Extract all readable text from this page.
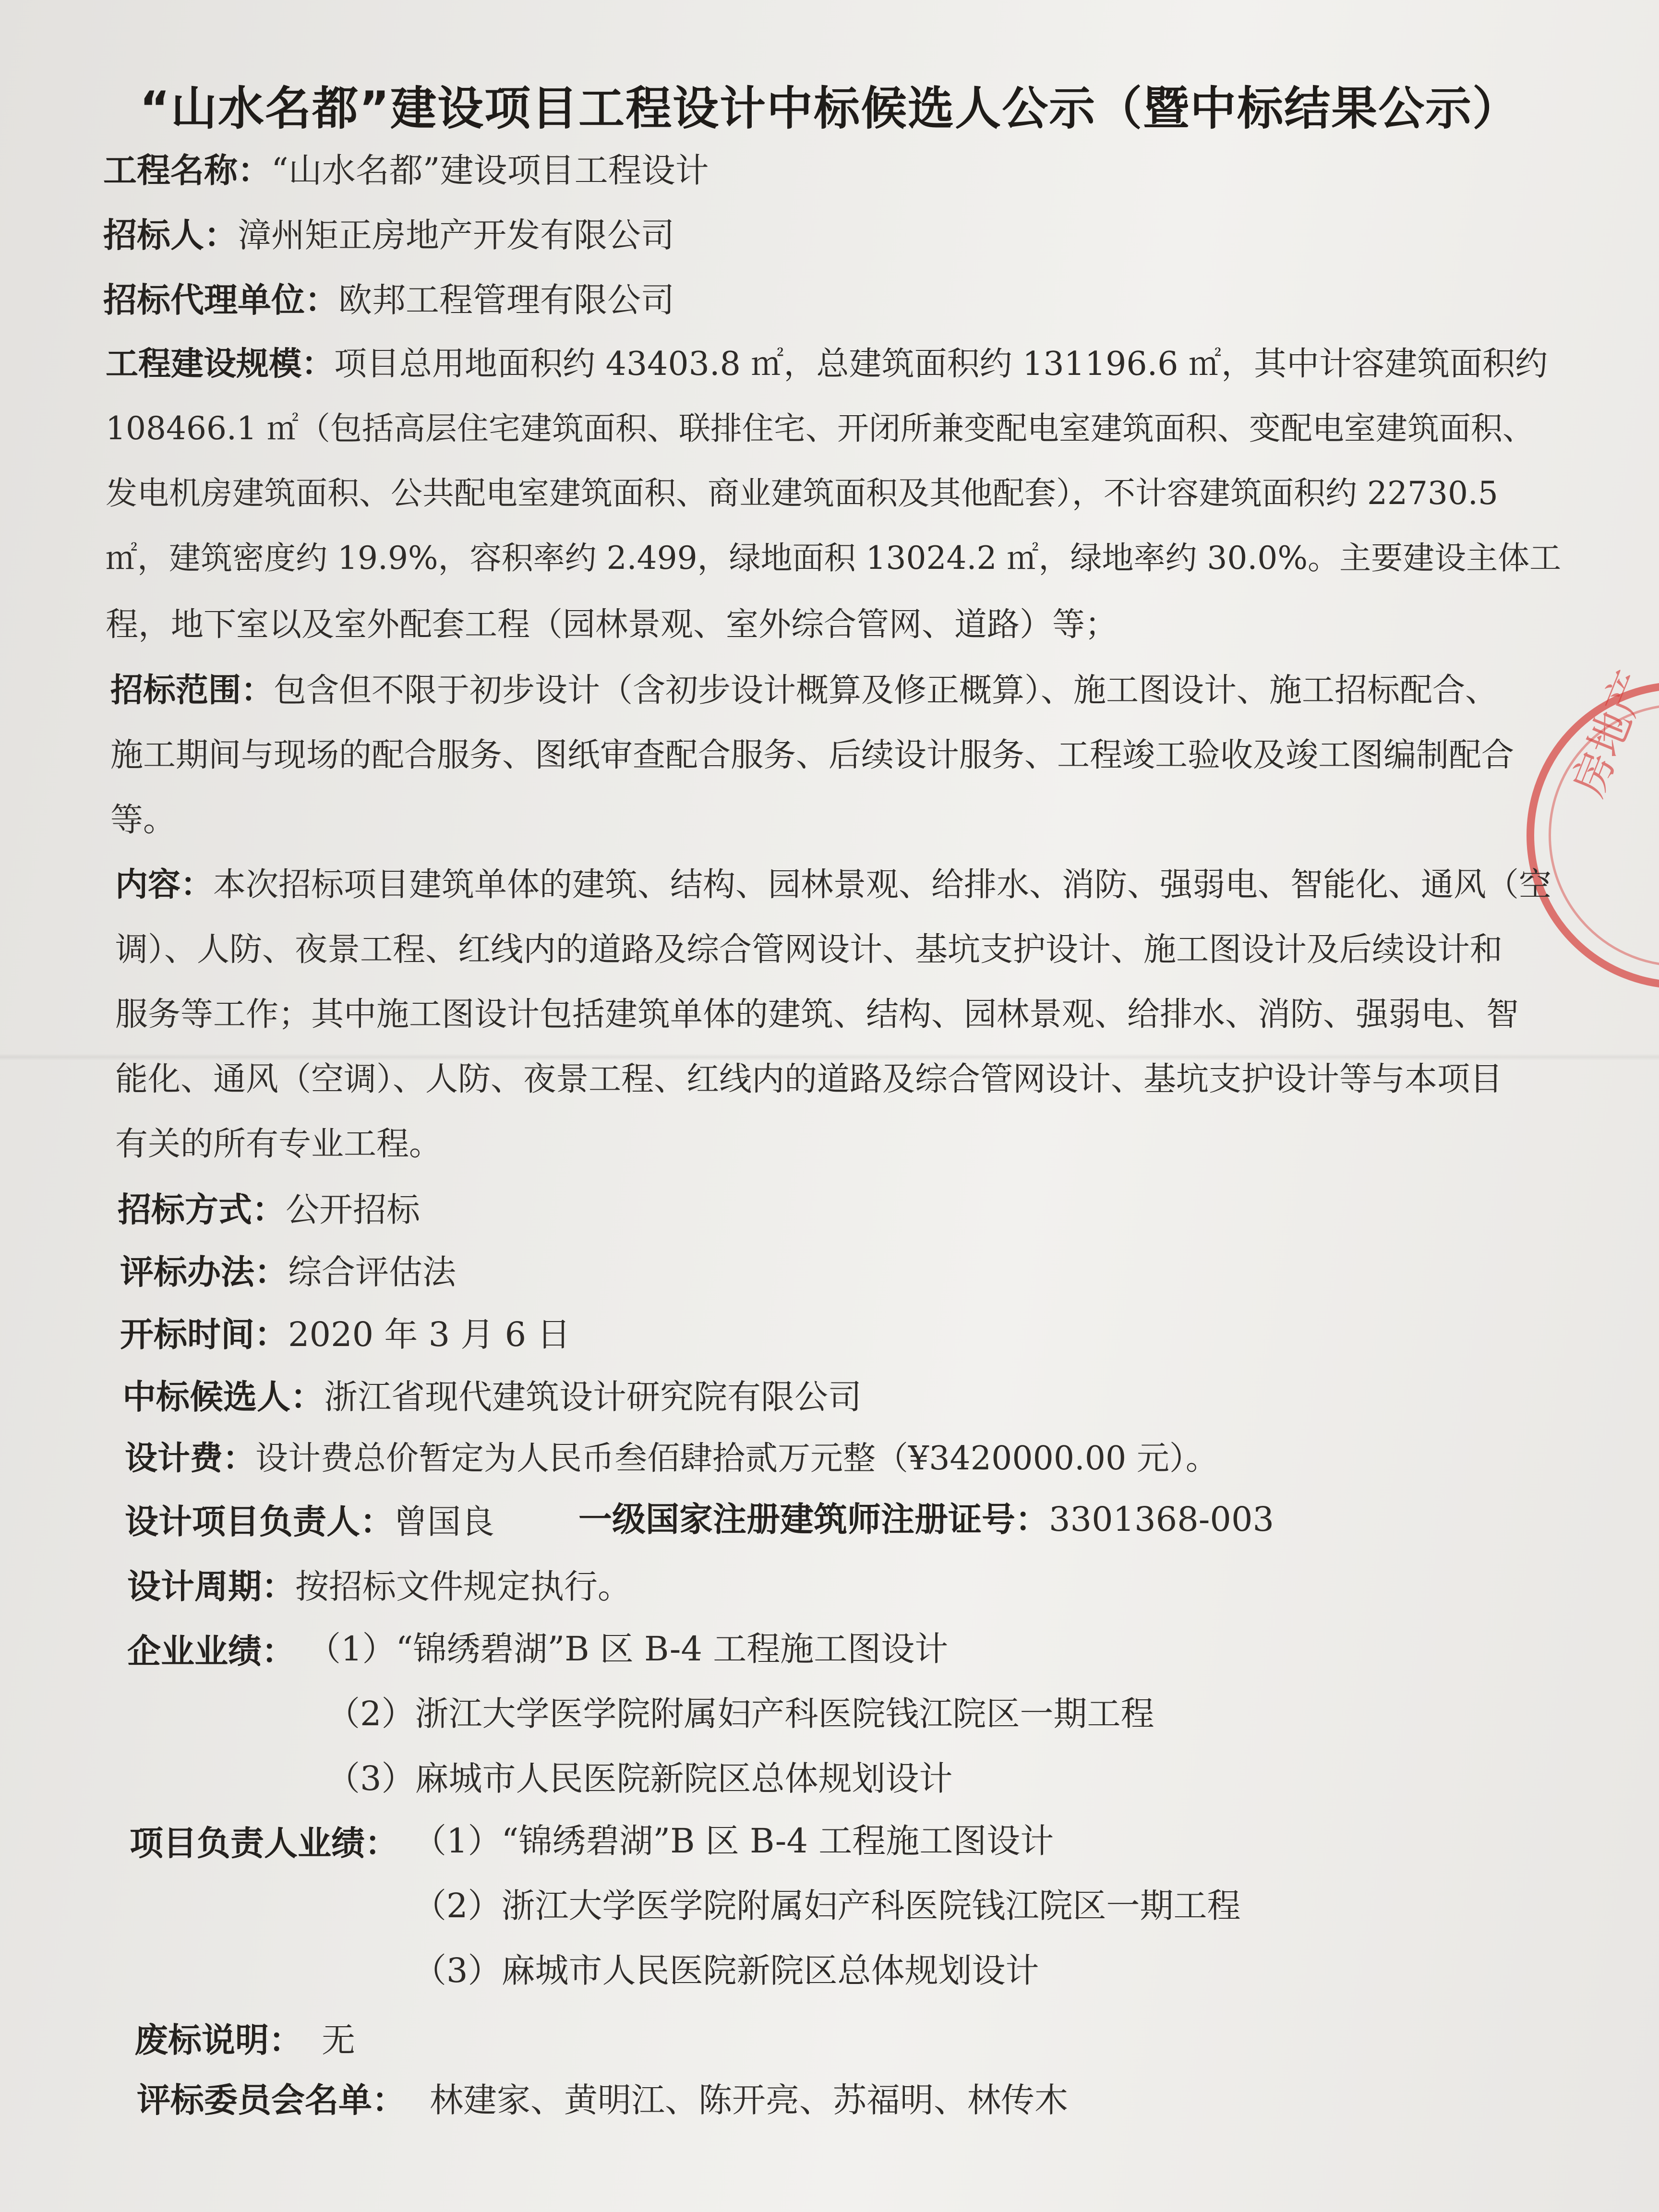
房地产
“山水名都”建设项目工程设计中标候选人公示（暨中标结果公示）
工程名称：“山水名都”建设项目工程设计
招标人：漳州矩正房地产开发有限公司
招标代理单位：欧邦工程管理有限公司
工程建设规模：项目总用地面积约 43403.8 ㎡，总建筑面积约 131196.6 ㎡，其中计容建筑面积约
108466.1 ㎡（包括高层住宅建筑面积、联排住宅、开闭所兼变配电室建筑面积、变配电室建筑面积、
发电机房建筑面积、公共配电室建筑面积、商业建筑面积及其他配套），不计容建筑面积约 22730.5
㎡，建筑密度约 19.9%，容积率约 2.499，绿地面积 13024.2 ㎡，绿地率约 30.0%。主要建设主体工
程，地下室以及室外配套工程（园林景观、室外综合管网、道路）等；
招标范围：包含但不限于初步设计（含初步设计概算及修正概算）、施工图设计、施工招标配合、
施工期间与现场的配合服务、图纸审查配合服务、后续设计服务、工程竣工验收及竣工图编制配合
等。
内容：本次招标项目建筑单体的建筑、结构、园林景观、给排水、消防、强弱电、智能化、通风（空
调）、人防、夜景工程、红线内的道路及综合管网设计、基坑支护设计、施工图设计及后续设计和
服务等工作；其中施工图设计包括建筑单体的建筑、结构、园林景观、给排水、消防、强弱电、智
能化、通风（空调）、人防、夜景工程、红线内的道路及综合管网设计、基坑支护设计等与本项目
有关的所有专业工程。
招标方式：公开招标
评标办法：综合评估法
开标时间：2020 年 3 月 6 日
中标候选人：浙江省现代建筑设计研究院有限公司
设计费：设计费总价暂定为人民币叁佰肆拾贰万元整（¥3420000.00 元）。
设计项目负责人：曾国良	一级国家注册建筑师注册证号：3301368-003
设计周期：按招标文件规定执行。
企业业绩： （1）“锦绣碧湖”B 区 B-4 工程施工图设计
（2）浙江大学医学院附属妇产科医院钱江院区一期工程
（3）麻城市人民医院新院区总体规划设计
项目负责人业绩： （1）“锦绣碧湖”B 区 B-4 工程施工图设计
（2）浙江大学医学院附属妇产科医院钱江院区一期工程
（3）麻城市人民医院新院区总体规划设计
废标说明： 无
评标委员会名单： 林建家、黄明江、陈开亮、苏福明、林传木
